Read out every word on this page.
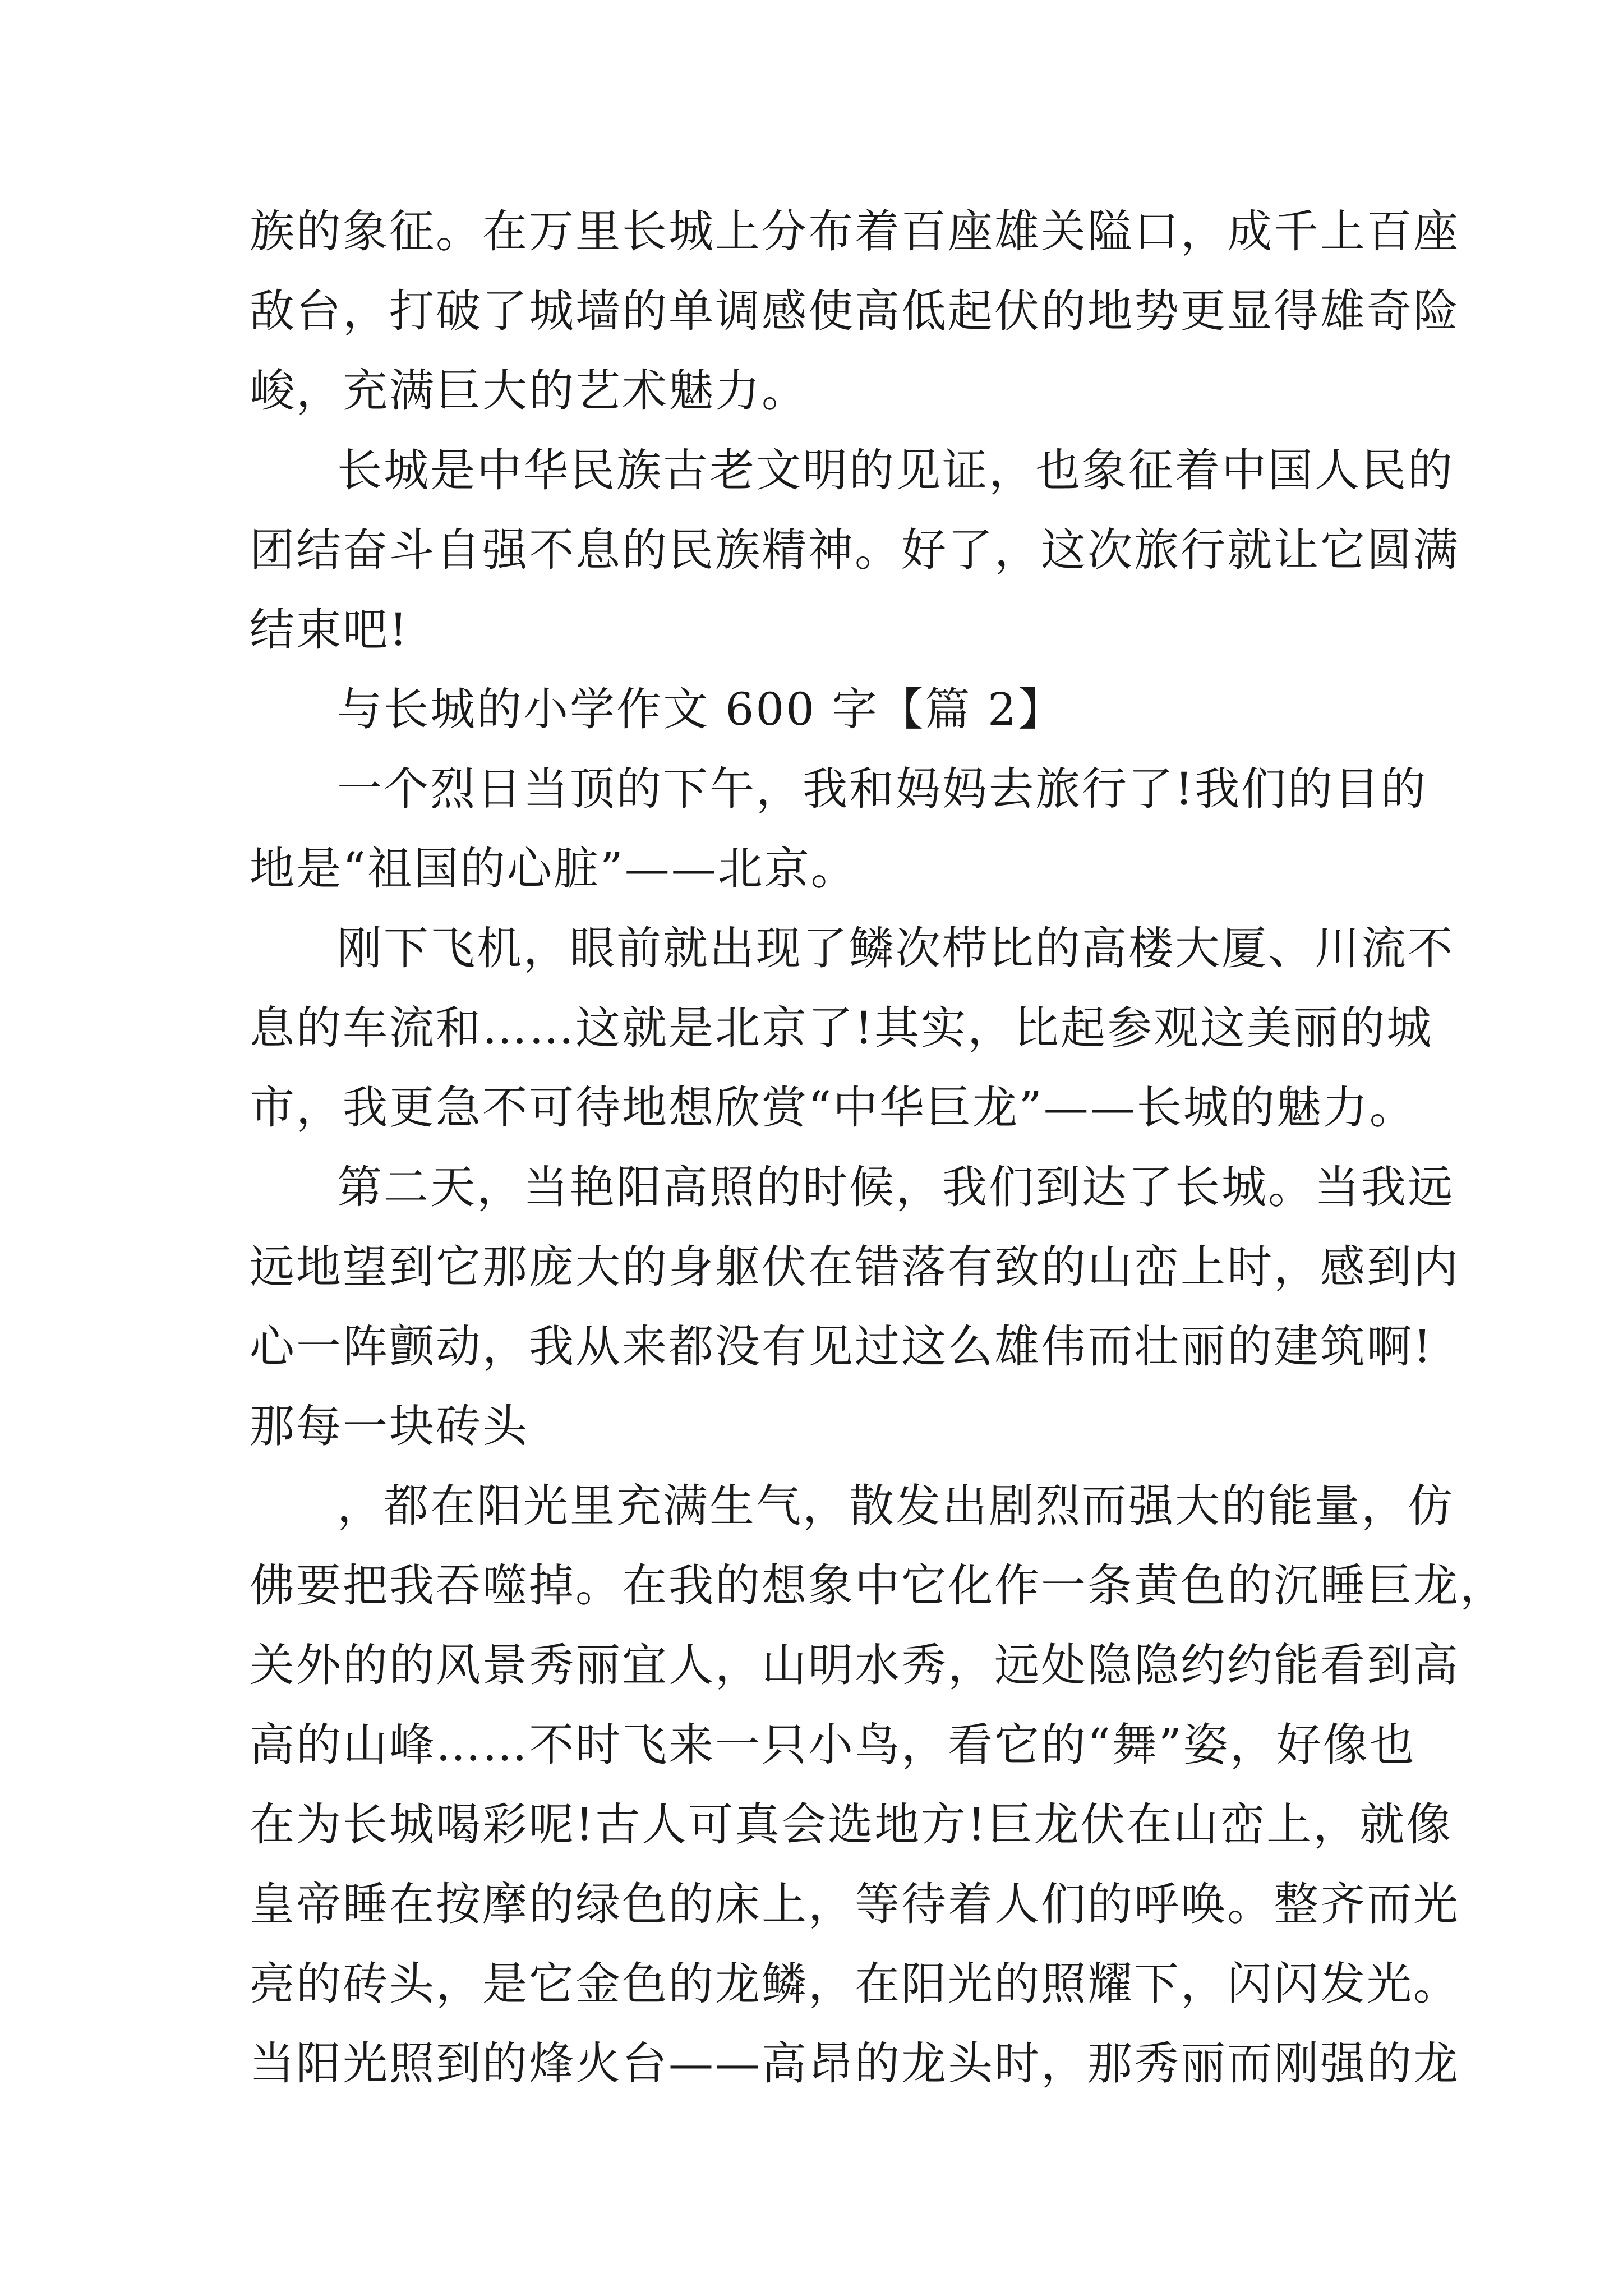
族的象征。在万里长城上分布着百座雄关隘口，成千上百座
敌台，打破了城墙的单调感使高低起伏的地势更显得雄奇险
峻，充满巨大的艺术魅力。
长城是中华民族古老文明的见证，也象征着中国人民的
团结奋斗自强不息的民族精神。好了，这次旅行就让它圆满
结束吧!
与长城的小学作文 600 字【篇 2】
一个烈日当顶的下午，我和妈妈去旅行了!我们的目的
地是“祖国的心脏”——北京。
刚下飞机，眼前就出现了鳞次栉比的高楼大厦、川流不
息的车流和……这就是北京了!其实，比起参观这美丽的城
市，我更急不可待地想欣赏“中华巨龙”——长城的魅力。
第二天，当艳阳高照的时候，我们到达了长城。当我远
远地望到它那庞大的身躯伏在错落有致的山峦上时，感到内
心一阵颤动，我从来都没有见过这么雄伟而壮丽的建筑啊!
那每一块砖头
，都在阳光里充满生气，散发出剧烈而强大的能量，仿
佛要把我吞噬掉。在我的想象中它化作一条黄色的沉睡巨龙，
关外的的风景秀丽宜人，山明水秀，远处隐隐约约能看到高
高的山峰……不时飞来一只小鸟，看它的“舞”姿，好像也
在为长城喝彩呢!古人可真会选地方!巨龙伏在山峦上，就像
皇帝睡在按摩的绿色的床上，等待着人们的呼唤。整齐而光
亮的砖头，是它金色的龙鳞，在阳光的照耀下，闪闪发光。
当阳光照到的烽火台——高昂的龙头时，那秀丽而刚强的龙
